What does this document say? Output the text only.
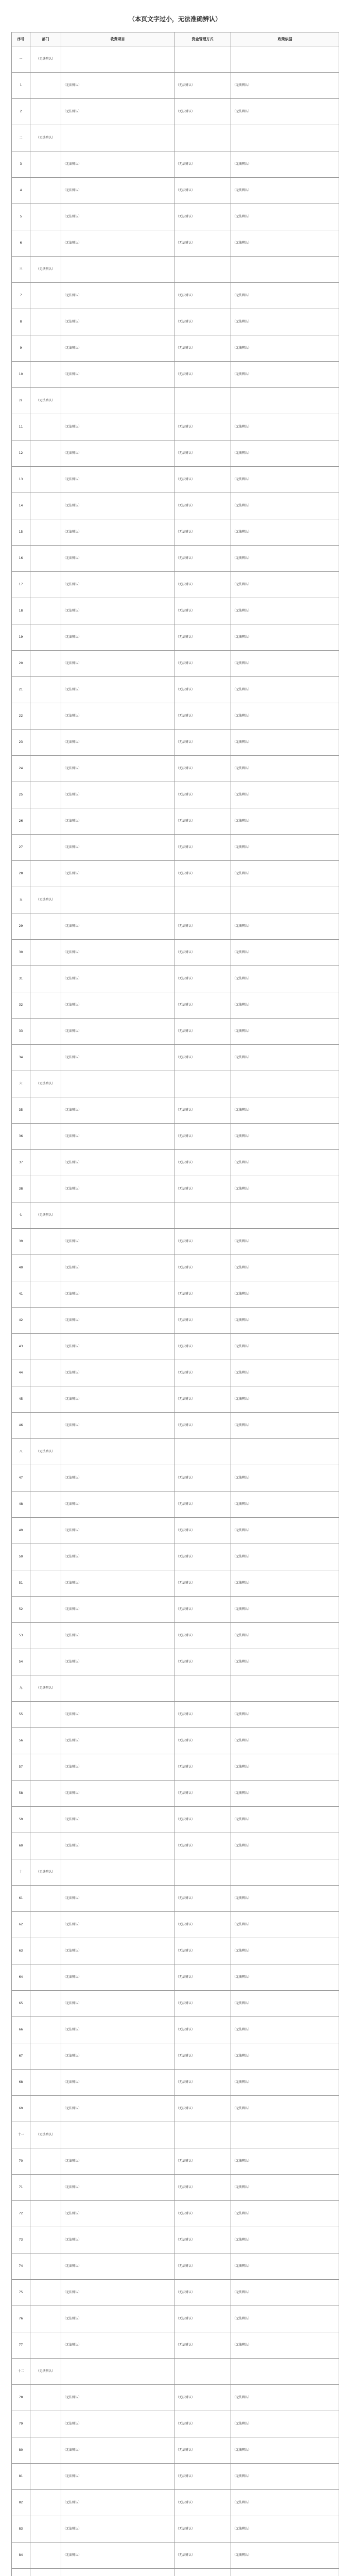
（本页文字过小，无法准确辨认）
序号	部门	收费项目	资金管理方式	政策依据
一	（无法辨认）			
1		（无法辨认）	（无法辨认）	（无法辨认）
2		（无法辨认）	（无法辨认）	（无法辨认）
二	（无法辨认）			
3		（无法辨认）	（无法辨认）	（无法辨认）
4		（无法辨认）	（无法辨认）	（无法辨认）
5		（无法辨认）	（无法辨认）	（无法辨认）
6		（无法辨认）	（无法辨认）	（无法辨认）
三	（无法辨认）			
7		（无法辨认）	（无法辨认）	（无法辨认）
8		（无法辨认）	（无法辨认）	（无法辨认）
9		（无法辨认）	（无法辨认）	（无法辨认）
10		（无法辨认）	（无法辨认）	（无法辨认）
四	（无法辨认）			
11		（无法辨认）	（无法辨认）	（无法辨认）
12		（无法辨认）	（无法辨认）	（无法辨认）
13		（无法辨认）	（无法辨认）	（无法辨认）
14		（无法辨认）	（无法辨认）	（无法辨认）
15		（无法辨认）	（无法辨认）	（无法辨认）
16		（无法辨认）	（无法辨认）	（无法辨认）
17		（无法辨认）	（无法辨认）	（无法辨认）
18		（无法辨认）	（无法辨认）	（无法辨认）
19		（无法辨认）	（无法辨认）	（无法辨认）
20		（无法辨认）	（无法辨认）	（无法辨认）
21		（无法辨认）	（无法辨认）	（无法辨认）
22		（无法辨认）	（无法辨认）	（无法辨认）
23		（无法辨认）	（无法辨认）	（无法辨认）
24		（无法辨认）	（无法辨认）	（无法辨认）
25		（无法辨认）	（无法辨认）	（无法辨认）
26		（无法辨认）	（无法辨认）	（无法辨认）
27		（无法辨认）	（无法辨认）	（无法辨认）
28		（无法辨认）	（无法辨认）	（无法辨认）
五	（无法辨认）			
29		（无法辨认）	（无法辨认）	（无法辨认）
30		（无法辨认）	（无法辨认）	（无法辨认）
31		（无法辨认）	（无法辨认）	（无法辨认）
32		（无法辨认）	（无法辨认）	（无法辨认）
33		（无法辨认）	（无法辨认）	（无法辨认）
34		（无法辨认）	（无法辨认）	（无法辨认）
六	（无法辨认）			
35		（无法辨认）	（无法辨认）	（无法辨认）
36		（无法辨认）	（无法辨认）	（无法辨认）
37		（无法辨认）	（无法辨认）	（无法辨认）
38		（无法辨认）	（无法辨认）	（无法辨认）
七	（无法辨认）			
39		（无法辨认）	（无法辨认）	（无法辨认）
40		（无法辨认）	（无法辨认）	（无法辨认）
41		（无法辨认）	（无法辨认）	（无法辨认）
42		（无法辨认）	（无法辨认）	（无法辨认）
43		（无法辨认）	（无法辨认）	（无法辨认）
44		（无法辨认）	（无法辨认）	（无法辨认）
45		（无法辨认）	（无法辨认）	（无法辨认）
46		（无法辨认）	（无法辨认）	（无法辨认）
八	（无法辨认）			
47		（无法辨认）	（无法辨认）	（无法辨认）
48		（无法辨认）	（无法辨认）	（无法辨认）
49		（无法辨认）	（无法辨认）	（无法辨认）
50		（无法辨认）	（无法辨认）	（无法辨认）
51		（无法辨认）	（无法辨认）	（无法辨认）
52		（无法辨认）	（无法辨认）	（无法辨认）
53		（无法辨认）	（无法辨认）	（无法辨认）
54		（无法辨认）	（无法辨认）	（无法辨认）
九	（无法辨认）			
55		（无法辨认）	（无法辨认）	（无法辨认）
56		（无法辨认）	（无法辨认）	（无法辨认）
57		（无法辨认）	（无法辨认）	（无法辨认）
58		（无法辨认）	（无法辨认）	（无法辨认）
59		（无法辨认）	（无法辨认）	（无法辨认）
60		（无法辨认）	（无法辨认）	（无法辨认）
十	（无法辨认）			
61		（无法辨认）	（无法辨认）	（无法辨认）
62		（无法辨认）	（无法辨认）	（无法辨认）
63		（无法辨认）	（无法辨认）	（无法辨认）
64		（无法辨认）	（无法辨认）	（无法辨认）
65		（无法辨认）	（无法辨认）	（无法辨认）
66		（无法辨认）	（无法辨认）	（无法辨认）
67		（无法辨认）	（无法辨认）	（无法辨认）
68		（无法辨认）	（无法辨认）	（无法辨认）
69		（无法辨认）	（无法辨认）	（无法辨认）
十一	（无法辨认）			
70		（无法辨认）	（无法辨认）	（无法辨认）
71		（无法辨认）	（无法辨认）	（无法辨认）
72		（无法辨认）	（无法辨认）	（无法辨认）
73		（无法辨认）	（无法辨认）	（无法辨认）
74		（无法辨认）	（无法辨认）	（无法辨认）
75		（无法辨认）	（无法辨认）	（无法辨认）
76		（无法辨认）	（无法辨认）	（无法辨认）
77		（无法辨认）	（无法辨认）	（无法辨认）
十二	（无法辨认）			
78		（无法辨认）	（无法辨认）	（无法辨认）
79		（无法辨认）	（无法辨认）	（无法辨认）
80		（无法辨认）	（无法辨认）	（无法辨认）
81		（无法辨认）	（无法辨认）	（无法辨认）
82		（无法辨认）	（无法辨认）	（无法辨认）
83		（无法辨认）	（无法辨认）	（无法辨认）
84		（无法辨认）	（无法辨认）	（无法辨认）
